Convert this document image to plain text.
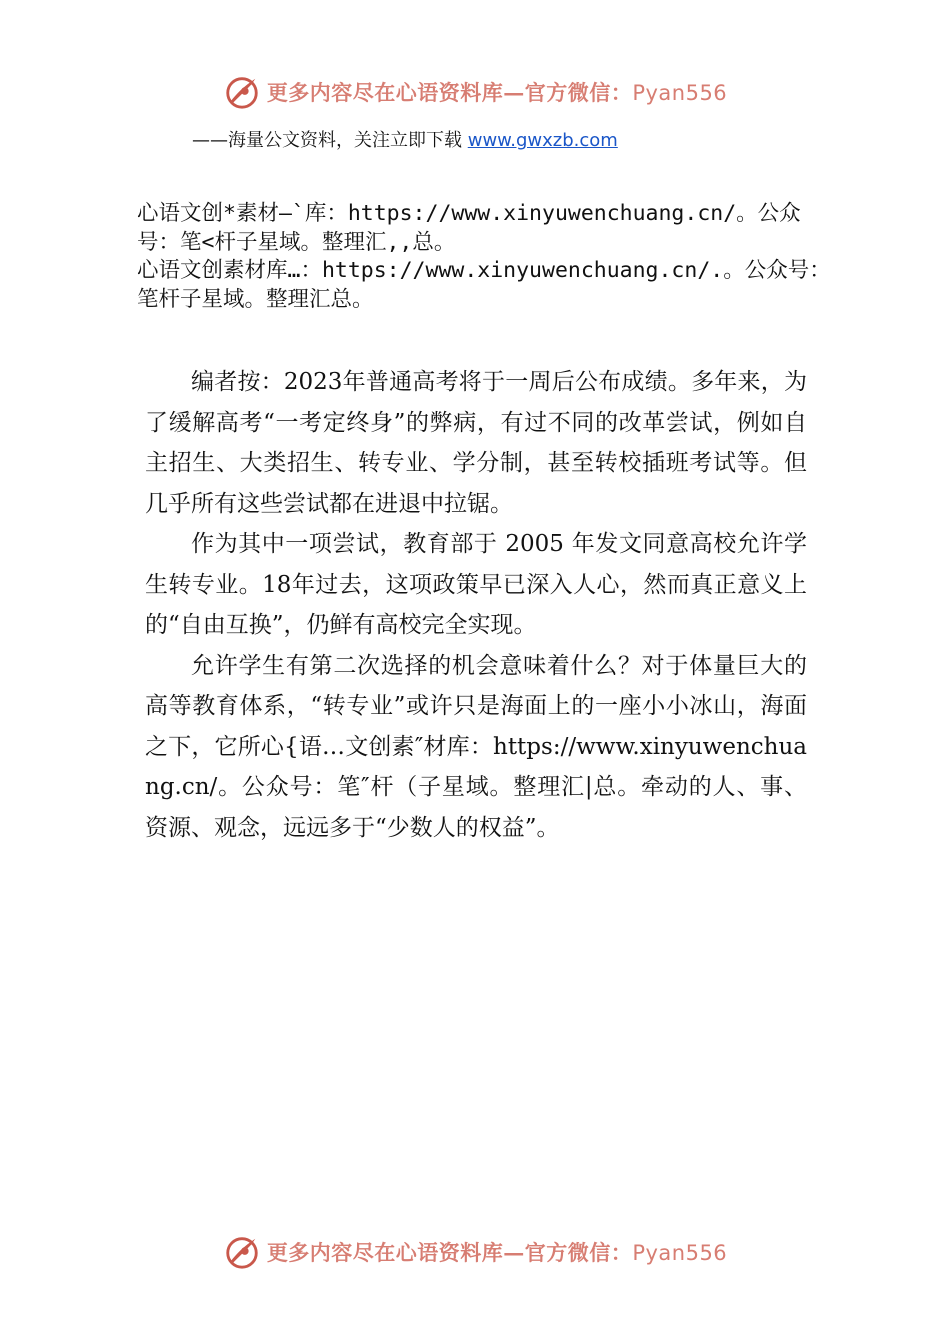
更多内容尽在心语资料库—官方微信：Pyan556
——海量公文资料，关注立即下载 www.gwxzb.com
心语文创*素材—`库：https://www.xinyuwenchuang.cn/。公众号：笔<杆子星域。整理汇,,总。
心语文创素材库…：https://www.xinyuwenchuang.cn/.。公众号：笔杆子星域。整理汇总。

编者按：2023年普通高考将于一周后公布成绩。多年来，为了缓解高考“一考定终身”的弊病，有过不同的改革尝试，例如自主招生、大类招生、转专业、学分制，甚至转校插班考试等。但几乎所有这些尝试都在进退中拉锯。

作为其中一项尝试，教育部于 2005 年发文同意高校允许学生转专业。18年过去，这项政策早已深入人心，然而真正意义上的“自由互换”，仍鲜有高校完全实现。

允许学生有第二次选择的机会意味着什么？对于体量巨大的高等教育体系，“转专业”或许只是海面上的一座小小冰山，海面之下，它所心{语…文创素″材库：https://www.xinyuwenchuang.cn/。公众号：笔″杆（子星域。整理汇|总。牵动的人、事、资源、观念，远远多于“少数人的权益”。

更多内容尽在心语资料库—官方微信：Pyan556
